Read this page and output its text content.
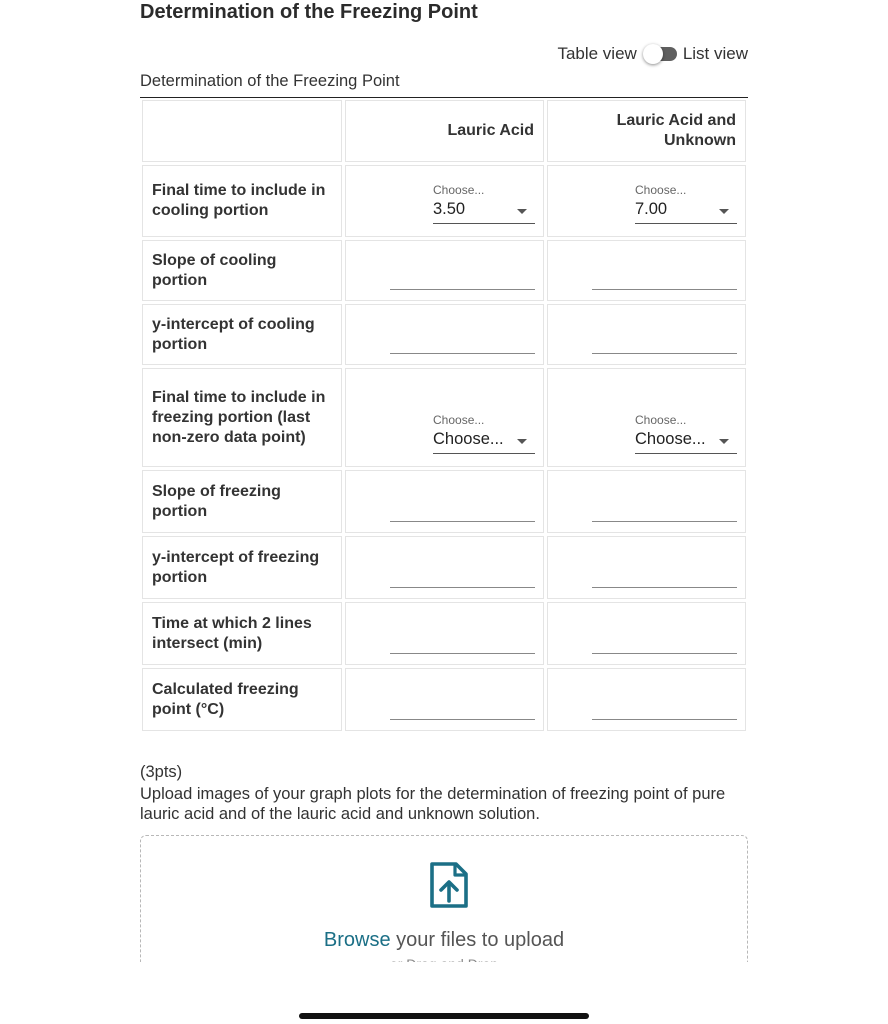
Determination of the Freezing Point
Table view	List view
Determination of the Freezing Point
Lauric Acid
Lauric Acid and Unknown
Final time to include in cooling portion
Choose...
3.50
Choose...
7.00
Slope of cooling portion
y-intercept of cooling portion
Final time to include in freezing portion (last non-zero data point)
Choose...
Choose...
Choose...
Choose...
Slope of freezing portion
y-intercept of freezing portion
Time at which 2 lines intersect (min)
Calculated freezing point (°C)
(3pts)
Upload images of your graph plots for the determination of freezing point of pure lauric acid and of the lauric acid and unknown solution.
Browse your files to upload
